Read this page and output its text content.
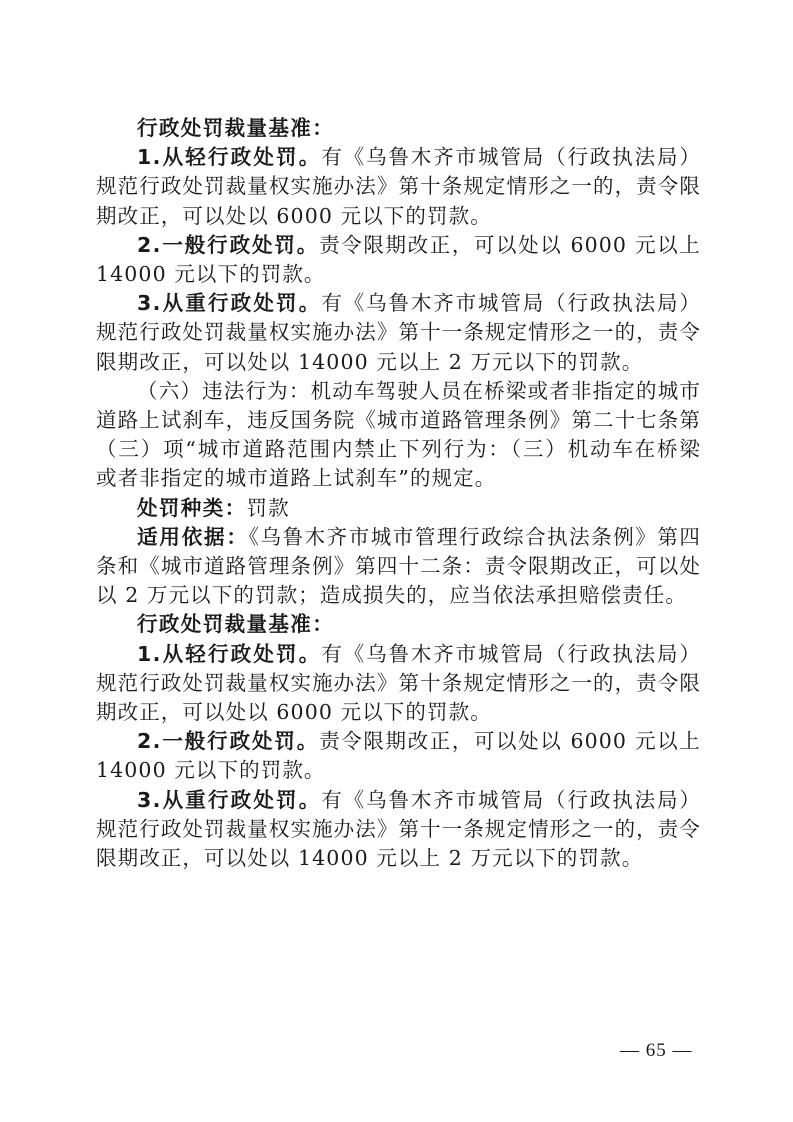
行政处罚裁量基准：

1.从轻行政处罚。有《乌鲁木齐市城管局（行政执法局）规范行政处罚裁量权实施办法》第十条规定情形之一的，责令限期改正，可以处以 6000 元以下的罚款。

2.一般行政处罚。责令限期改正，可以处以 6000 元以上 14000 元以下的罚款。

3.从重行政处罚。有《乌鲁木齐市城管局（行政执法局）规范行政处罚裁量权实施办法》第十一条规定情形之一的，责令限期改正，可以处以 14000 元以上 2 万元以下的罚款。

（六）违法行为：机动车驾驶人员在桥梁或者非指定的城市道路上试刹车，违反国务院《城市道路管理条例》第二十七条第（三）项“城市道路范围内禁止下列行为：（三）机动车在桥梁或者非指定的城市道路上试刹车”的规定。

处罚种类：罚款

适用依据：《乌鲁木齐市城市管理行政综合执法条例》第四条和《城市道路管理条例》第四十二条：责令限期改正，可以处以 2 万元以下的罚款；造成损失的，应当依法承担赔偿责任。

行政处罚裁量基准：

1.从轻行政处罚。有《乌鲁木齐市城管局（行政执法局）规范行政处罚裁量权实施办法》第十条规定情形之一的，责令限期改正，可以处以 6000 元以下的罚款。

2.一般行政处罚。责令限期改正，可以处以 6000 元以上 14000 元以下的罚款。

3.从重行政处罚。有《乌鲁木齐市城管局（行政执法局）规范行政处罚裁量权实施办法》第十一条规定情形之一的，责令限期改正，可以处以 14000 元以上 2 万元以下的罚款。

— 65 —
